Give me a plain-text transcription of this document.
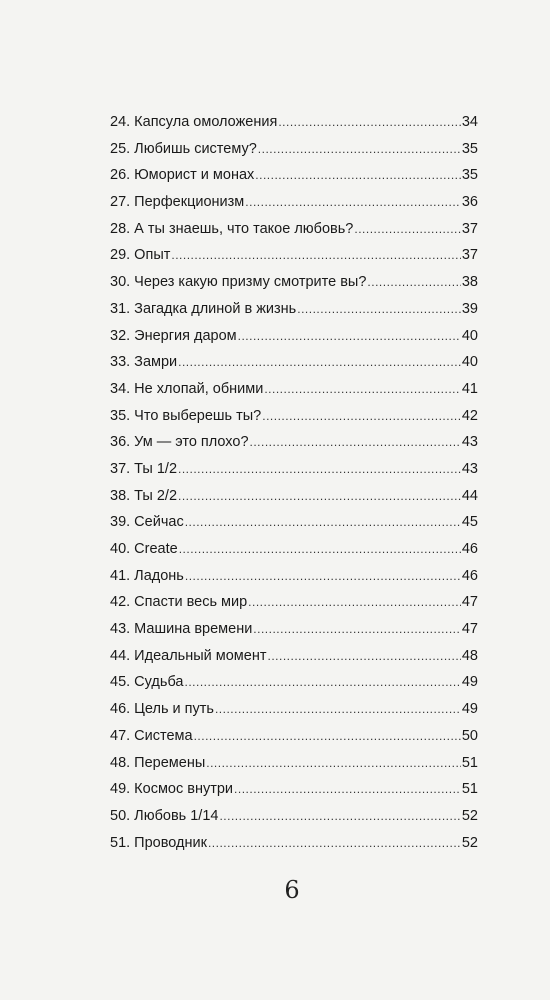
24. Капсула омоложения .....	34
25. Любишь систему? .....	35
26. Юморист и монах .....	35
27. Перфекционизм .....	36
28. А ты знаешь, что такое любовь? .....	37
29. Опыт .....	37
30. Через какую призму смотрите вы? .....	38
31. Загадка длиной в жизнь .....	39
32. Энергия даром .....	40
33. Замри .....	40
34. Не хлопай, обними .....	41
35. Что выберешь ты? .....	42
36. Ум — это плохо? .....	43
37. Ты 1/2 .....	43
38. Ты 2/2 .....	44
39. Сейчас .....	45
40. Create .....	46
41. Ладонь .....	46
42. Спасти весь мир .....	47
43. Машина времени .....	47
44. Идеальный момент .....	48
45. Судьба .....	49
46. Цель и путь .....	49
47. Система .....	50
48. Перемены .....	51
49. Космос внутри .....	51
50. Любовь 1/14 .....	52
51. Проводник .....	52
6
